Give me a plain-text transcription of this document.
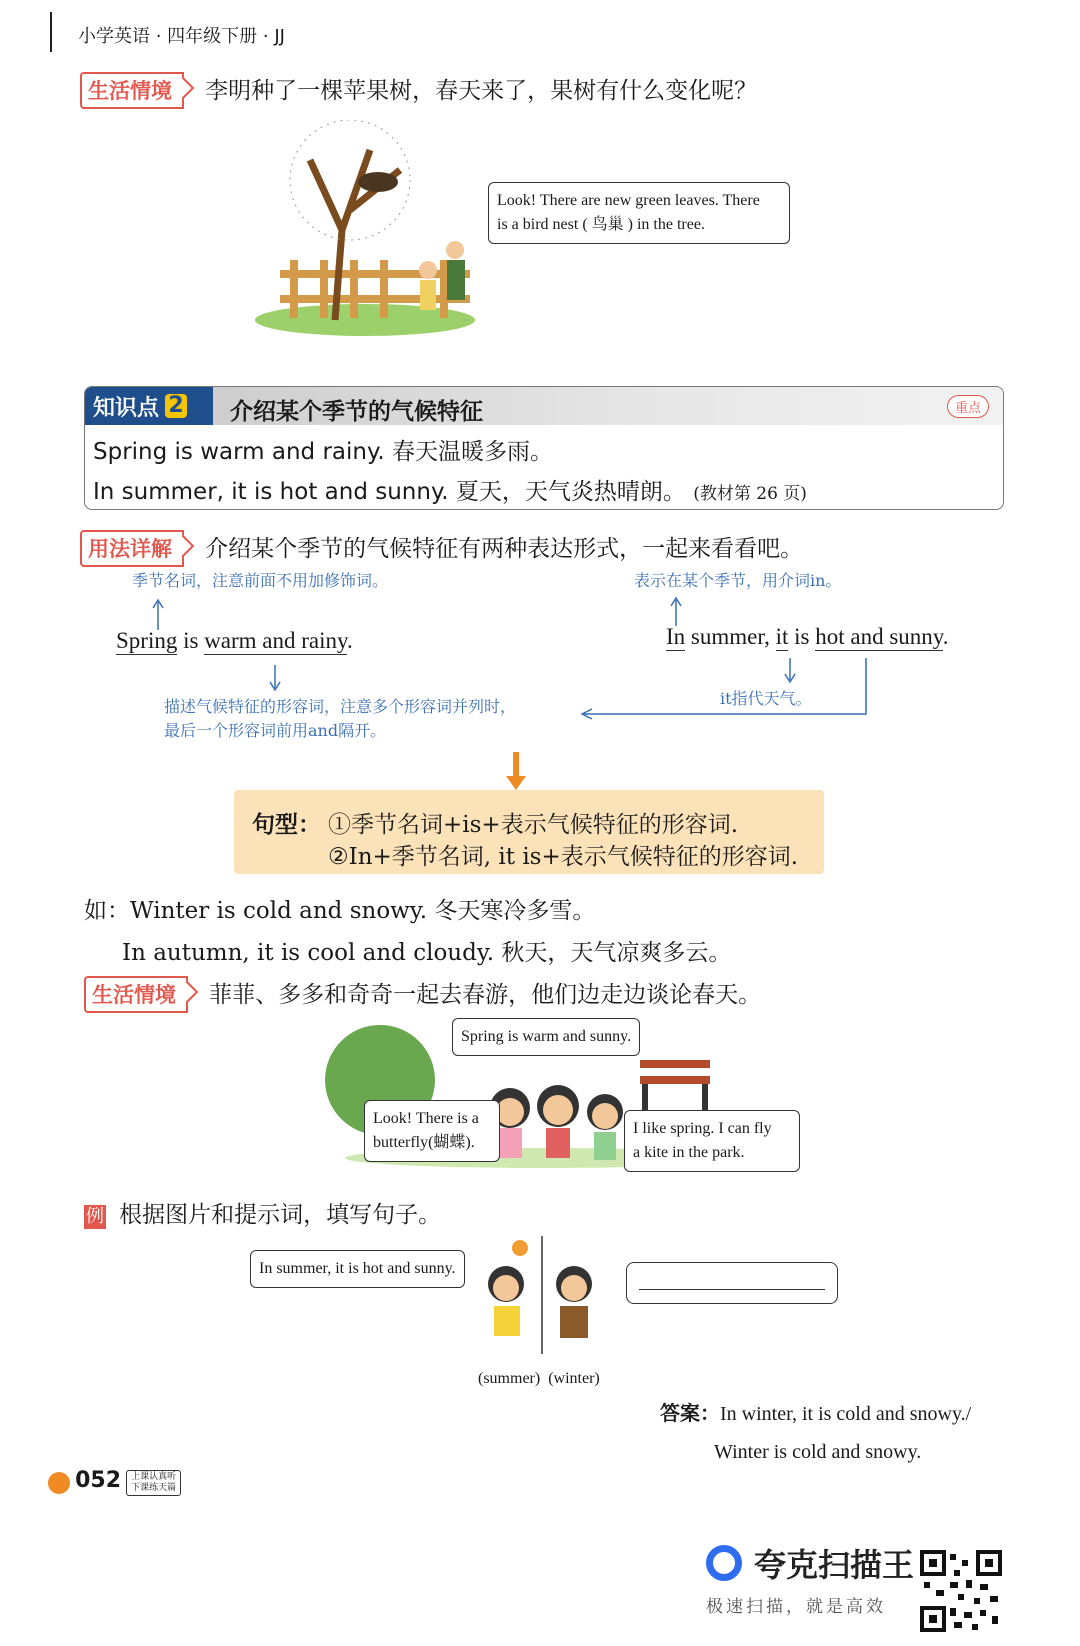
小学英语 · 四年级下册 · JJ
生活情境 李明种了一棵苹果树，春天来了，果树有什么变化呢？
Look! There are new green leaves. There
is a bird nest ( 鸟巢 ) in the tree.
知识点 2 介绍某个季节的气候特征	重点
Spring is warm and rainy. 春天温暖多雨。
In summer, it is hot and sunny. 夏天，天气炎热晴朗。 (教材第 26 页)
用法详解 介绍某个季节的气候特征有两种表达形式，一起来看看吧。
季节名词，注意前面不用加修饰词。	表示在某个季节，用介词in。
Spring is warm and rainy.	In summer, it is hot and sunny.
it指代天气。
描述气候特征的形容词，注意多个形容词并列时，
最后一个形容词前用and隔开。
句型： ①季节名词+is+表示气候特征的形容词.
②In+季节名词, it is+表示气候特征的形容词.
如：Winter is cold and snowy. 冬天寒冷多雪。
In autumn, it is cool and cloudy. 秋天，天气凉爽多云。
生活情境 菲菲、多多和奇奇一起去春游，他们边走边谈论春天。
Spring is warm and sunny.
Look! There is a
butterfly(蝴蝶).
I like spring. I can fly
a kite in the park.
例 根据图片和提示词，填写句子。
In summer, it is hot and sunny.
(summer) (winter)
答案：In winter, it is cold and snowy./
Winter is cold and snowy.
052 上课认真听
下课练天篇
夸克扫描王
极速扫描，就是高效
